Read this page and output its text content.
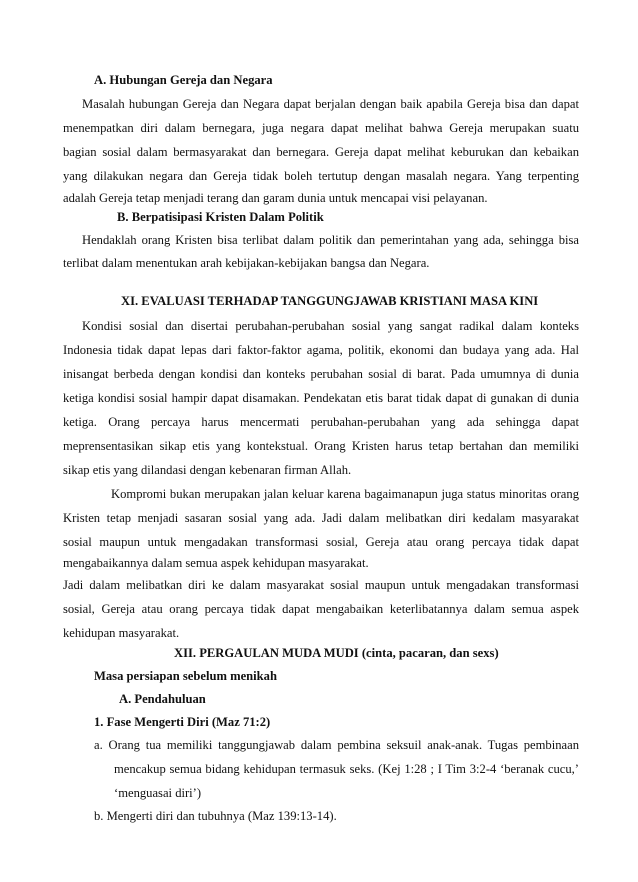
A. Hubungan Gereja dan Negara
Masalah hubungan Gereja dan Negara dapat berjalan dengan baik apabila Gereja bisa dan dapat
menempatkan diri dalam bernegara, juga negara dapat melihat bahwa Gereja merupakan suatu
bagian sosial dalam bermasyarakat dan bernegara. Gereja dapat melihat keburukan dan kebaikan
yang dilakukan negara dan Gereja tidak boleh tertutup dengan masalah negara. Yang terpenting
adalah Gereja tetap menjadi terang dan garam dunia untuk mencapai visi pelayanan.
B. Berpatisipasi Kristen Dalam Politik
Hendaklah orang Kristen bisa terlibat dalam politik dan pemerintahan yang ada, sehingga bisa
terlibat dalam menentukan arah kebijakan-kebijakan bangsa dan Negara.
XI. EVALUASI TERHADAP TANGGUNGJAWAB KRISTIANI MASA KINI
Kondisi sosial dan disertai perubahan-perubahan sosial yang sangat radikal dalam konteks
Indonesia tidak dapat lepas dari faktor-faktor agama, politik, ekonomi dan budaya yang ada. Hal
inisangat berbeda dengan kondisi dan konteks perubahan sosial di barat. Pada umumnya di dunia
ketiga kondisi sosial hampir dapat disamakan. Pendekatan etis barat tidak dapat di gunakan di dunia
ketiga. Orang percaya harus mencermati perubahan-perubahan yang ada sehingga dapat
meprensentasikan sikap etis yang kontekstual. Orang Kristen harus tetap bertahan dan memiliki
sikap etis yang dilandasi dengan kebenaran firman Allah.
Kompromi bukan merupakan jalan keluar karena bagaimanapun juga status minoritas orang
Kristen tetap menjadi sasaran sosial yang ada. Jadi dalam melibatkan diri kedalam masyarakat
sosial maupun untuk mengadakan transformasi sosial, Gereja atau orang percaya tidak dapat
mengabaikannya dalam semua aspek kehidupan masyarakat.
Jadi dalam melibatkan diri ke dalam masyarakat sosial maupun untuk mengadakan transformasi
sosial, Gereja atau orang percaya tidak dapat mengabaikan keterlibatannya dalam semua aspek
kehidupan masyarakat.
XII. PERGAULAN MUDA MUDI (cinta, pacaran, dan sexs)
Masa persiapan sebelum menikah
A. Pendahuluan
1. Fase Mengerti Diri (Maz 71:2)
a. Orang tua memiliki tanggungjawab dalam pembina seksuil anak-anak. Tugas pembinaan
mencakup semua bidang kehidupan termasuk seks. (Kej 1:28 ; I Tim 3:2-4 ‘beranak cucu,’
‘menguasai diri’)
b. Mengerti diri dan tubuhnya (Maz 139:13-14).
